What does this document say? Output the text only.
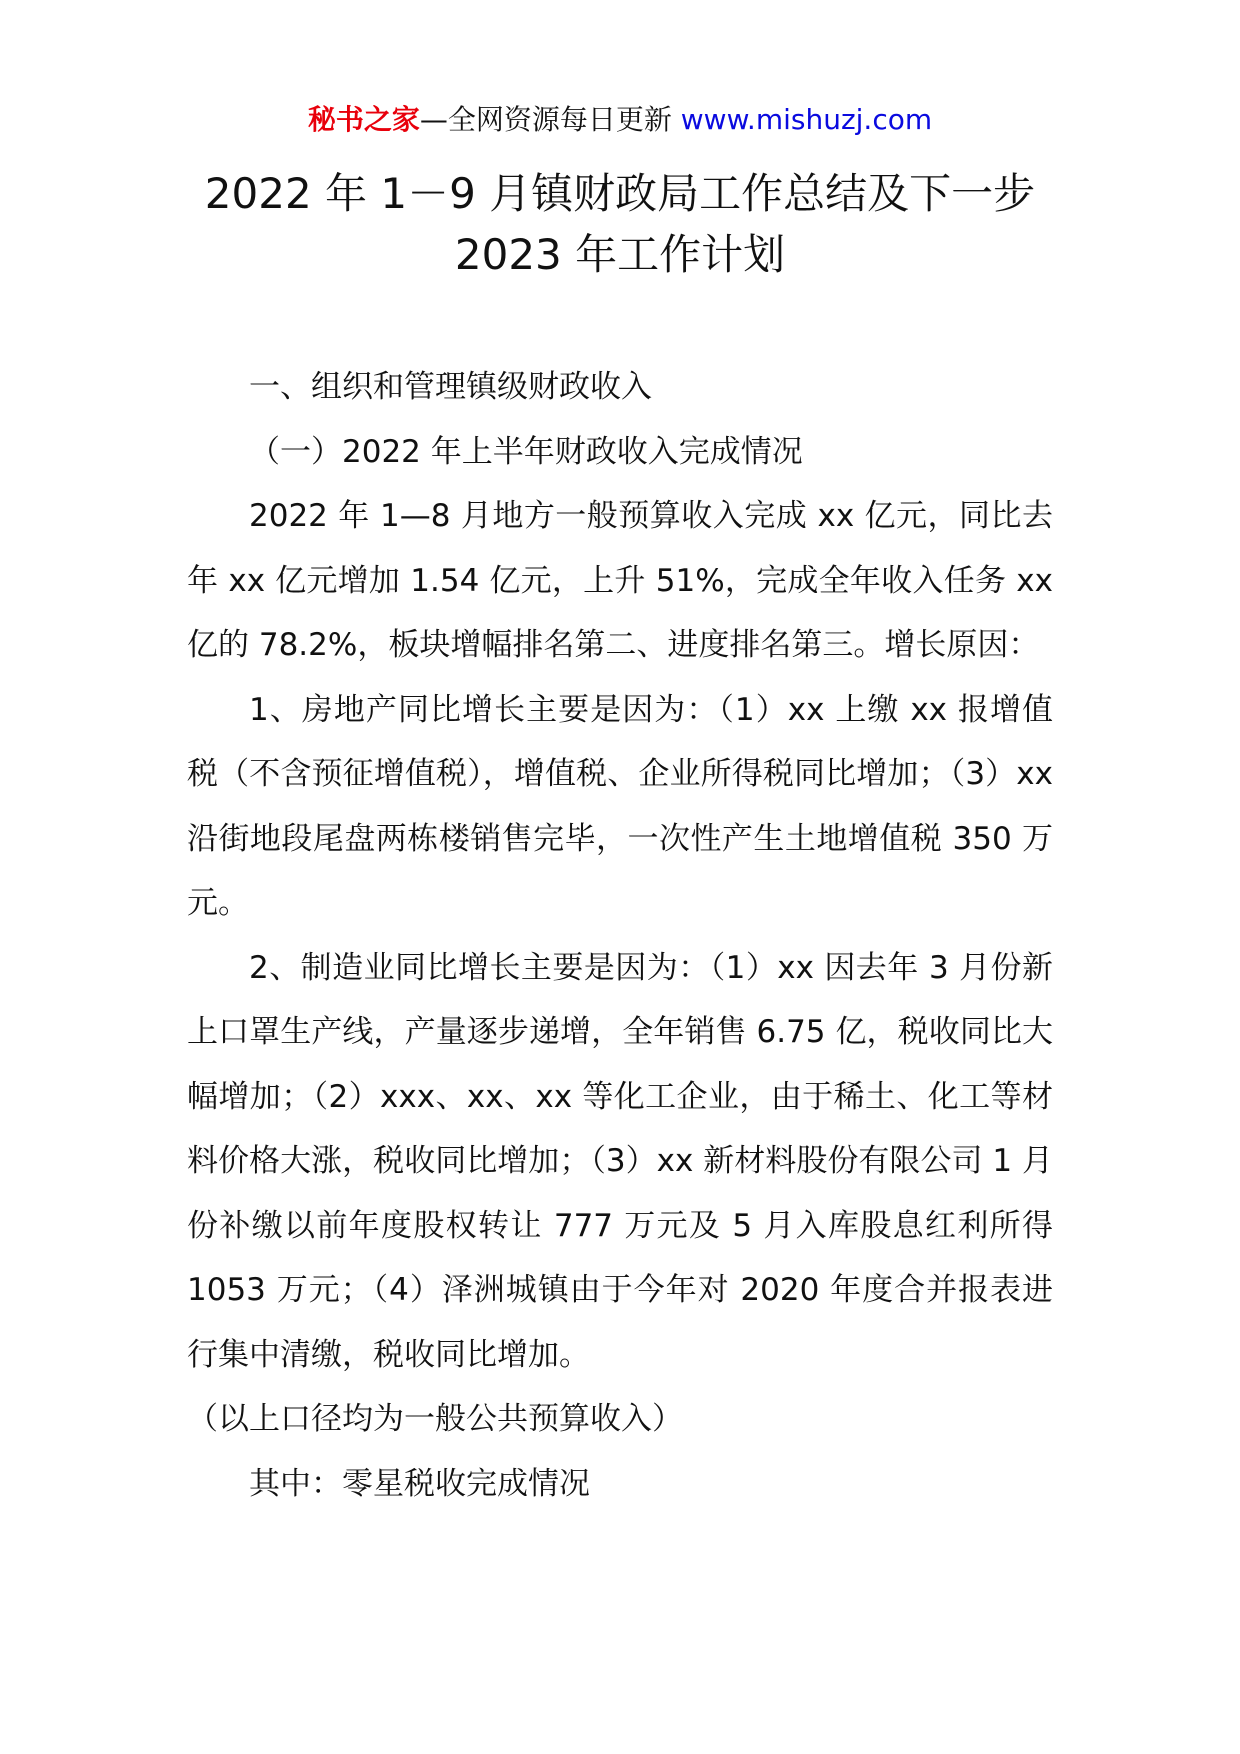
秘书之家—全网资源每日更新 www.mishuzj.com
2022 年 1－9 月镇财政局工作总结及下一步
2023 年工作计划

一、组织和管理镇级财政收入

（一）2022 年上半年财政收入完成情况

2022 年 1—8 月地方一般预算收入完成 xx 亿元，同比去年 xx 亿元增加 1.54 亿元，上升 51%，完成全年收入任务 xx 亿的 78.2%，板块增幅排名第二、进度排名第三。增长原因：

1、房地产同比增长主要是因为：（1）xx 上缴 xx 报增值税（不含预征增值税），增值税、企业所得税同比增加；（3）xx 沿街地段尾盘两栋楼销售完毕，一次性产生土地增值税 350 万元。

2、制造业同比增长主要是因为：（1）xx 因去年 3 月份新上口罩生产线，产量逐步递增，全年销售 6.75 亿，税收同比大幅增加；（2）xxx、xx、xx 等化工企业，由于稀土、化工等材料价格大涨，税收同比增加；（3）xx 新材料股份有限公司 1 月份补缴以前年度股权转让 777 万元及 5 月入库股息红利所得 1053 万元；（4）泽洲城镇由于今年对 2020 年度合并报表进行集中清缴，税收同比增加。

（以上口径均为一般公共预算收入）

其中：零星税收完成情况
